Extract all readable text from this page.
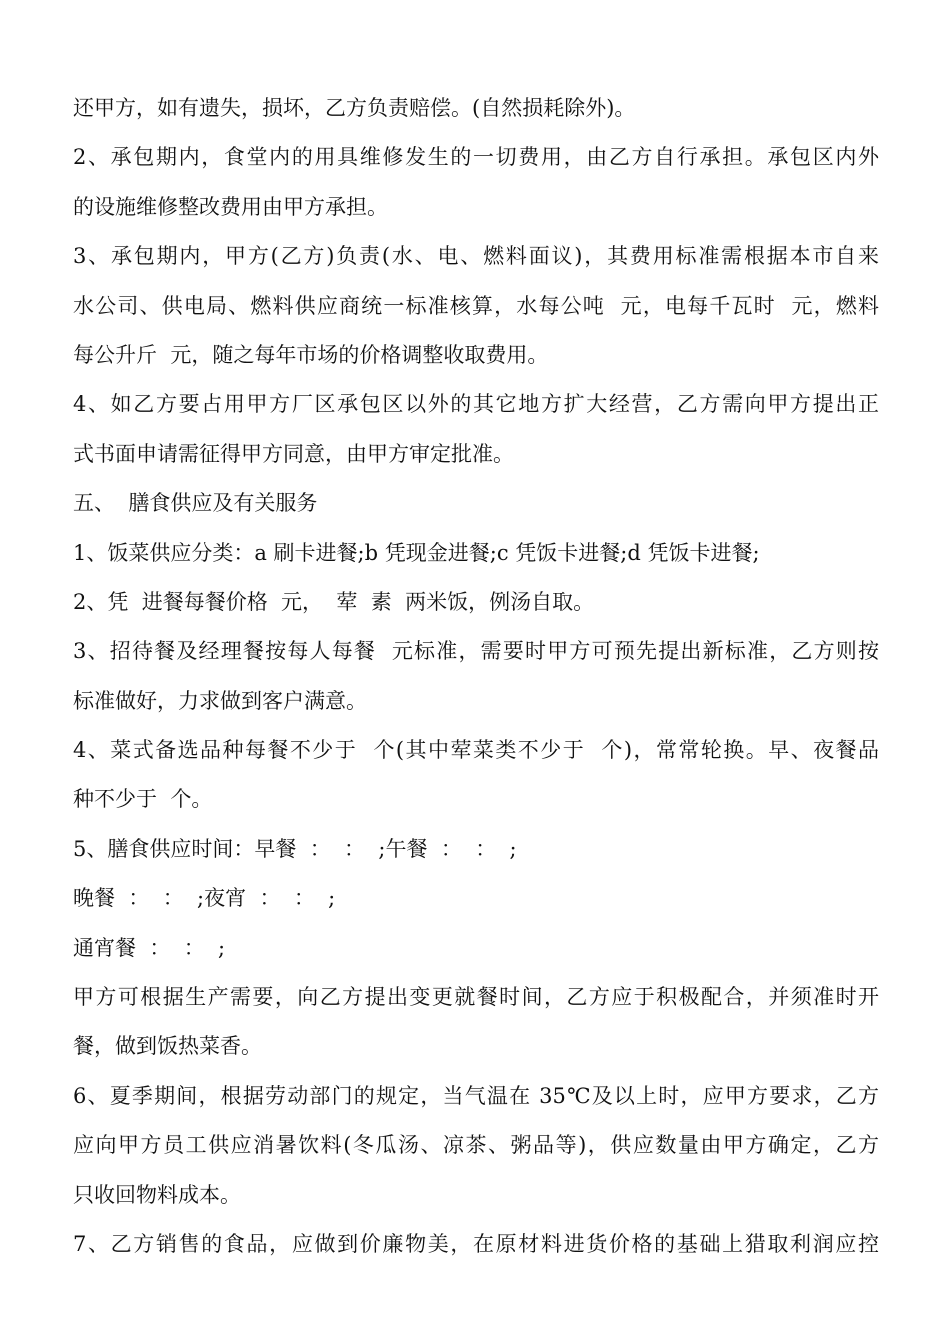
还甲方，如有遗失，损坏，乙方负责赔偿。(自然损耗除外)。
2、承包期内，食堂内的用具维修发生的一切费用，由乙方自行承担。承包区内外
的设施维修整改费用由甲方承担。
3、承包期内，甲方(乙方)负责(水、电、燃料面议)，其费用标准需根据本市自来
水公司、供电局、燃料供应商统一标准核算，水每公吨  元，电每千瓦时  元，燃料
每公升斤  元，随之每年市场的价格调整收取费用。
4、如乙方要占用甲方厂区承包区以外的其它地方扩大经营，乙方需向甲方提出正
式书面申请需征得甲方同意，由甲方审定批准。
五、  膳食供应及有关服务
1、饭菜供应分类：a 刷卡进餐;b 凭现金进餐;c 凭饭卡进餐;d 凭饭卡进餐;
2、凭  进餐每餐价格  元，  荤  素  两米饭，例汤自取。
3、招待餐及经理餐按每人每餐  元标准，需要时甲方可预先提出新标准，乙方则按
标准做好，力求做到客户满意。
4、菜式备选品种每餐不少于  个(其中荤菜类不少于  个)，常常轮换。早、夜餐品
种不少于  个。
5、膳食供应时间：早餐  ：  ：  ;午餐  ：  ：  ;
晚餐  ：  ：  ;夜宵  ：  ：  ;
通宵餐  ：  ：  ;
甲方可根据生产需要，向乙方提出变更就餐时间，乙方应于积极配合，并须准时开
餐，做到饭热菜香。
6、夏季期间，根据劳动部门的规定，当气温在 35℃及以上时，应甲方要求，乙方
应向甲方员工供应消暑饮料(冬瓜汤、凉茶、粥品等)，供应数量由甲方确定，乙方
只收回物料成本。
7、乙方销售的食品，应做到价廉物美，在原材料进货价格的基础上猎取利润应控
